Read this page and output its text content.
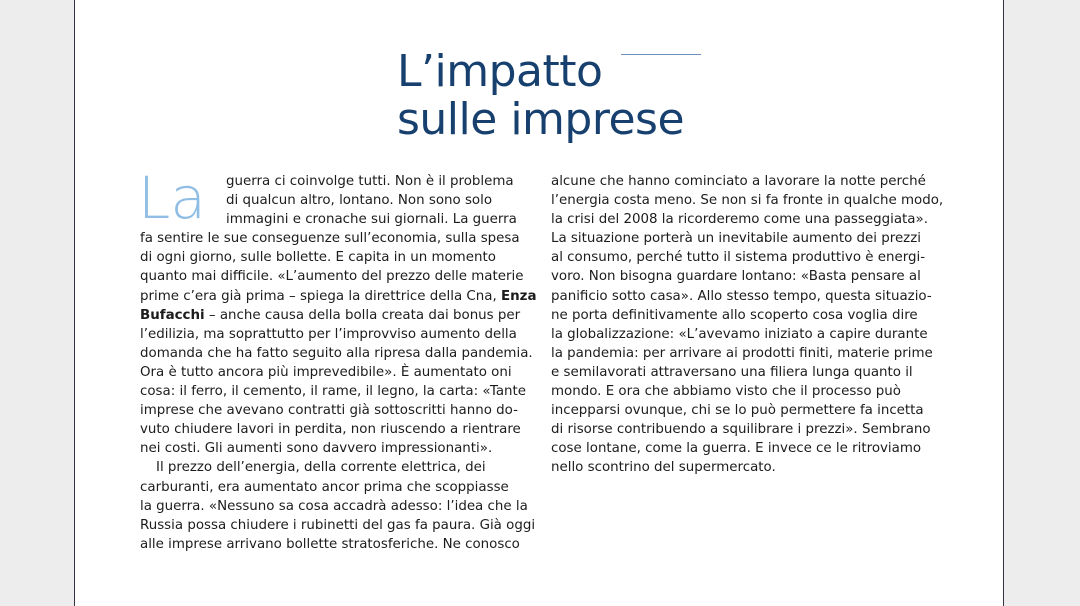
L’impatto
sulle imprese
La	guerra ci coinvolge tutti. Non è il problema
di qualcun altro, lontano. Non sono solo
immagini e cronache sui giornali. La guerra
fa sentire le sue conseguenze sull’economia, sulla spesa
di ogni giorno, sulle bollette. E capita in un momento
quanto mai difficile. «L’aumento del prezzo delle materie
prime c’era già prima – spiega la direttrice della Cna, Enza
Bufacchi – anche causa della bolla creata dai bonus per
l’edilizia, ma soprattutto per l’improvviso aumento della
domanda che ha fatto seguito alla ripresa dalla pandemia.
Ora è tutto ancora più imprevedibile». È aumentato oni
cosa: il ferro, il cemento, il rame, il legno, la carta: «Tante
imprese che avevano contratti già sottoscritti hanno do-
vuto chiudere lavori in perdita, non riuscendo a rientrare
nei costi. Gli aumenti sono davvero impressionanti».
Il prezzo dell’energia, della corrente elettrica, dei
carburanti, era aumentato ancor prima che scoppiasse
la guerra. «Nessuno sa cosa accadrà adesso: l’idea che la
Russia possa chiudere i rubinetti del gas fa paura. Già oggi
alle imprese arrivano bollette stratosferiche. Ne conosco
alcune che hanno cominciato a lavorare la notte perché
l’energia costa meno. Se non si fa fronte in qualche modo,
la crisi del 2008 la ricorderemo come una passeggiata».
La situazione porterà un inevitabile aumento dei prezzi
al consumo, perché tutto il sistema produttivo è energi-
voro. Non bisogna guardare lontano: «Basta pensare al
panificio sotto casa». Allo stesso tempo, questa situazio-
ne porta definitivamente allo scoperto cosa voglia dire
la globalizzazione: «L’avevamo iniziato a capire durante
la pandemia: per arrivare ai prodotti finiti, materie prime
e semilavorati attraversano una filiera lunga quanto il
mondo. E ora che abbiamo visto che il processo può
incepparsi ovunque, chi se lo può permettere fa incetta
di risorse contribuendo a squilibrare i prezzi». Sembrano
cose lontane, come la guerra. E invece ce le ritroviamo
nello scontrino del supermercato.
